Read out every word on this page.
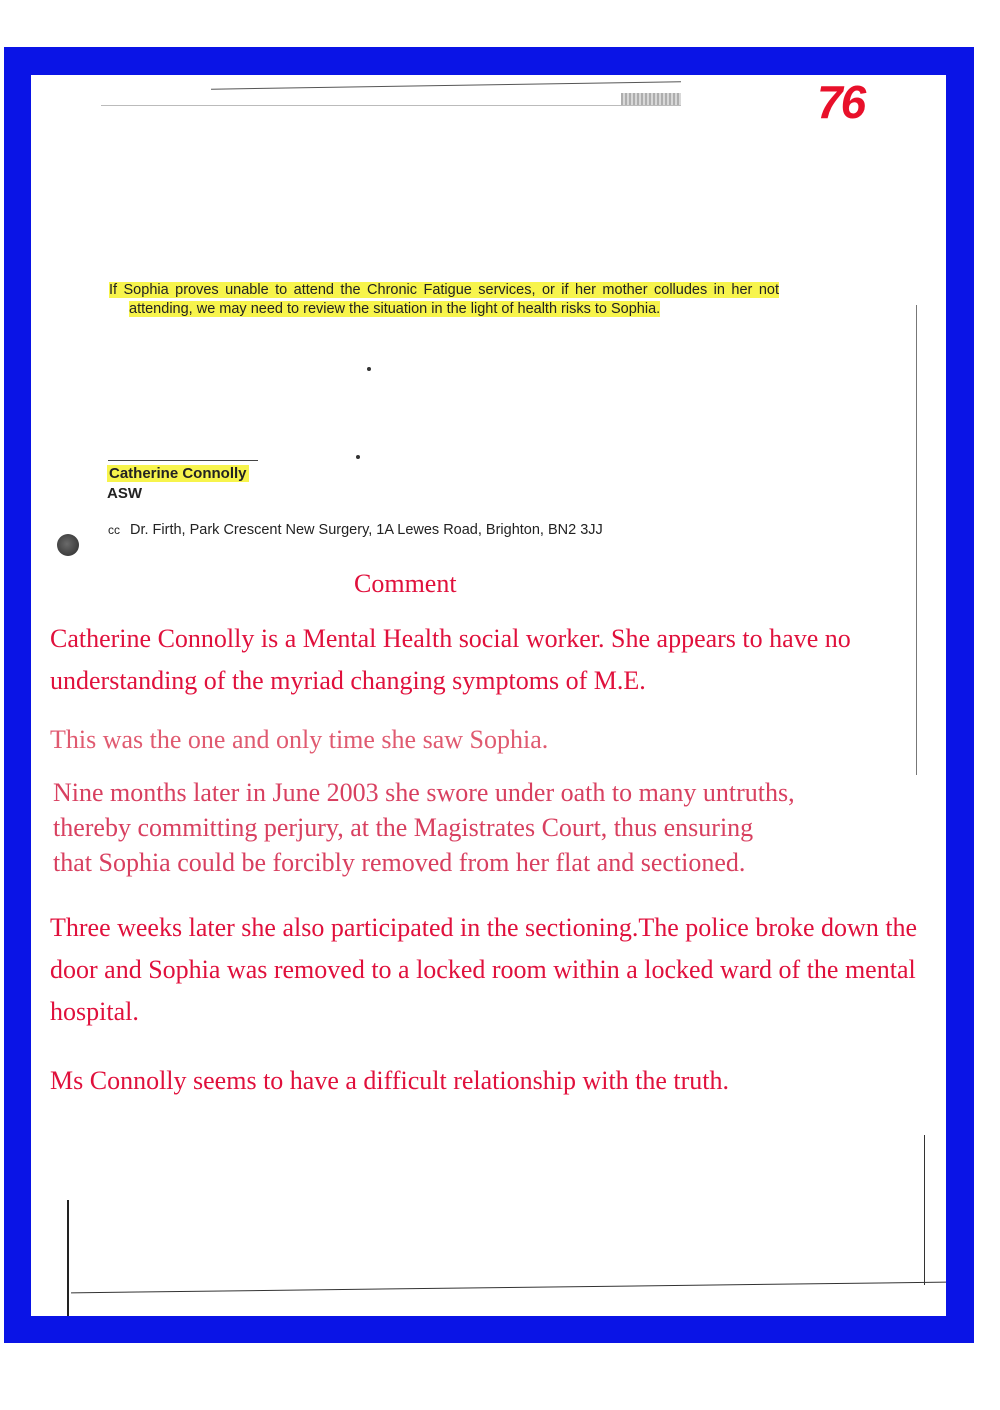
76
If Sophia proves unable to attend the Chronic Fatigue services, or if her mother colludes in her not attending, we may need to review the situation in the light of health risks to Sophia.
Catherine Connolly
ASW
cc Dr. Firth, Park Crescent New Surgery, 1A Lewes Road, Brighton, BN2 3JJ
Comment
Catherine Connolly is a Mental Health social worker. She appears to have no understanding of the myriad changing symptoms of M.E.
This was the one and only time she saw Sophia.
Nine months later in June 2003 she swore under oath to many untruths,
thereby committing perjury, at the Magistrates Court, thus ensuring
that Sophia could be forcibly removed from her flat and sectioned.
Three weeks later she also participated in the sectioning.The police broke down the door and Sophia was removed to a locked room within a locked ward of the mental hospital.
Ms Connolly seems to have a difficult relationship with the truth.
